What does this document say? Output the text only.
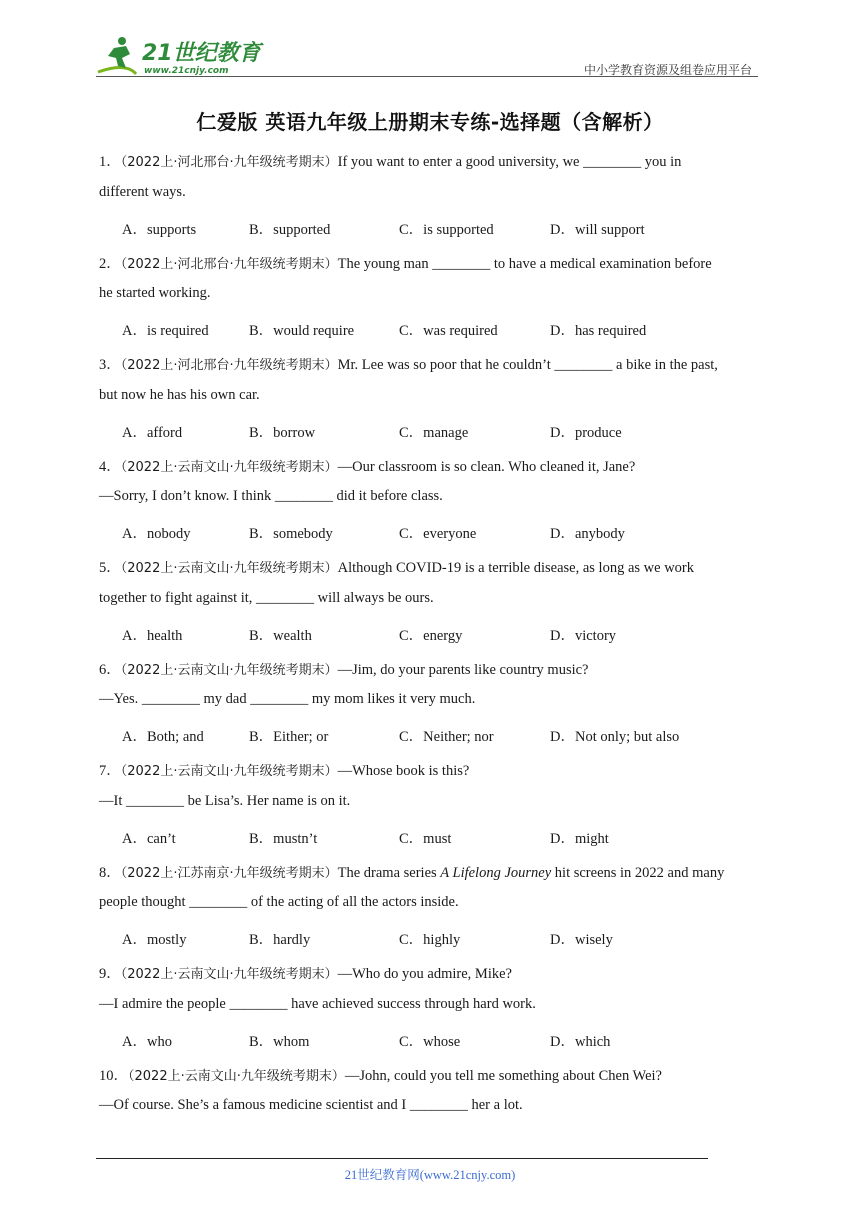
21世纪教育
www.21cnjy.com	中小学教育资源及组卷应用平台
仁爱版 英语九年级上册期末专练-选择题（含解析）
1．（2022上·河北邢台·九年级统考期末）If you want to enter a good university, we ________ you in
different ways.
A．supports	B．supported	C．is supported	D．will support
2．（2022上·河北邢台·九年级统考期末）The young man ________ to have a medical examination before
he started working.
A．is required	B．would require	C．was required	D．has required
3．（2022上·河北邢台·九年级统考期末）Mr. Lee was so poor that he couldn’t ________ a bike in the past,
but now he has his own car.
A．afford	B．borrow	C．manage	D．produce
4．（2022上·云南文山·九年级统考期末）—Our classroom is so clean. Who cleaned it, Jane?
—Sorry, I don’t know. I think ________ did it before class.
A．nobody	B．somebody	C．everyone	D．anybody
5．（2022上·云南文山·九年级统考期末）Although COVID-19 is a terrible disease, as long as we work
together to fight against it, ________ will always be ours.
A．health	B．wealth	C．energy	D．victory
6．（2022上·云南文山·九年级统考期末）—Jim, do your parents like country music?
—Yes. ________ my dad ________ my mom likes it very much.
A．Both; and	B．Either; or	C．Neither; nor	D．Not only; but also
7．（2022上·云南文山·九年级统考期末）—Whose book is this?
—It ________ be Lisa’s. Her name is on it.
A．can’t	B．mustn’t	C．must	D．might
8．（2022上·江苏南京·九年级统考期末）The drama series A Lifelong Journey hit screens in 2022 and many
people thought ________ of the acting of all the actors inside.
A．mostly	B．hardly	C．highly	D．wisely
9．（2022上·云南文山·九年级统考期末）—Who do you admire, Mike?
—I admire the people ________ have achieved success through hard work.
A．who	B．whom	C．whose	D．which
10．（2022上·云南文山·九年级统考期末）—John, could you tell me something about Chen Wei?
—Of course. She’s a famous medicine scientist and I ________ her a lot.
21世纪教育网(www.21cnjy.com)
